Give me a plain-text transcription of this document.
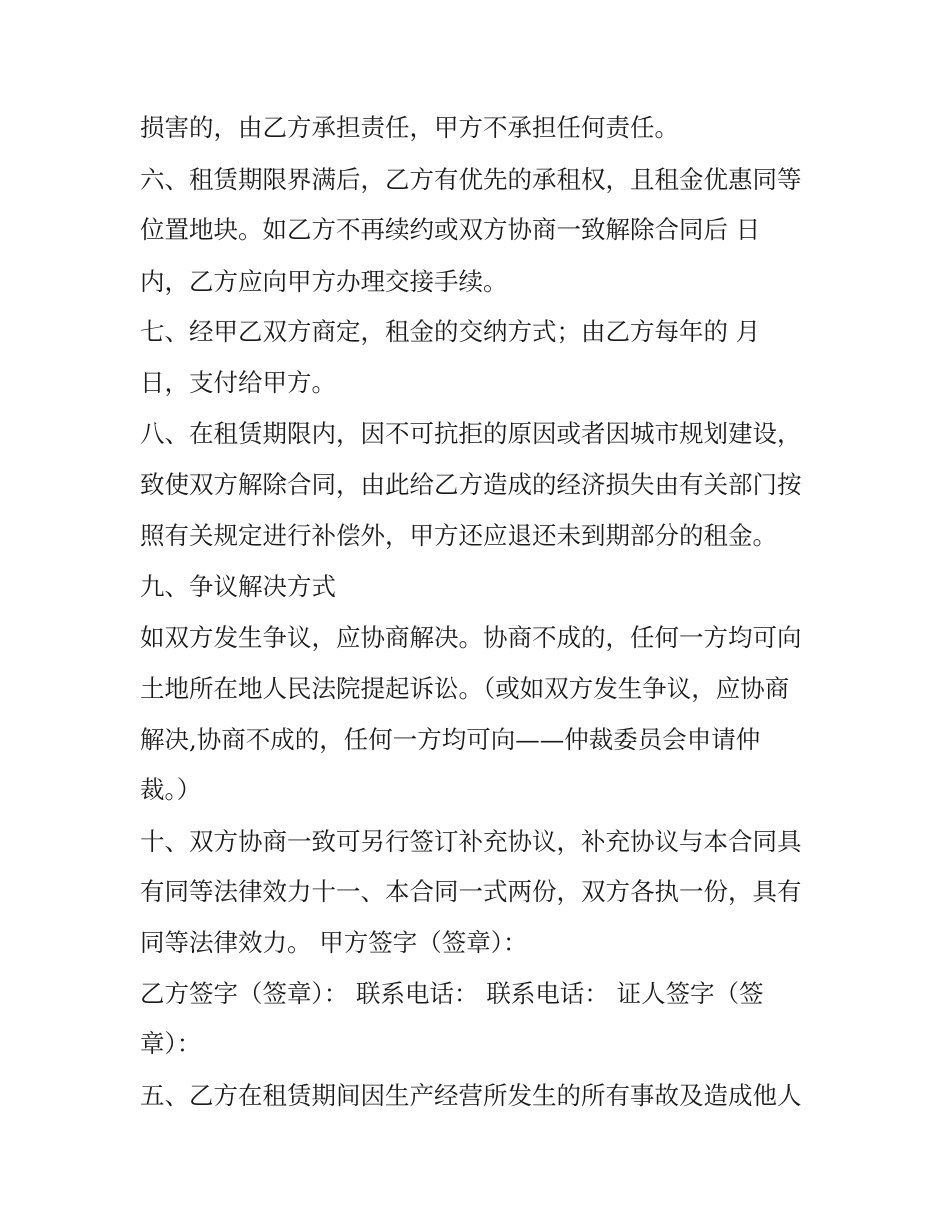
损害的，由乙方承担责任，甲方不承担任何责任。
六、租赁期限界满后，乙方有优先的承租权，且租金优惠同等
位置地块。如乙方不再续约或双方协商一致解除合同后 日
内，乙方应向甲方办理交接手续。
七、经甲乙双方商定，租金的交纳方式；由乙方每年的 月
日，支付给甲方。
八、在租赁期限内，因不可抗拒的原因或者因城市规划建设，
致使双方解除合同，由此给乙方造成的经济损失由有关部门按
照有关规定进行补偿外，甲方还应退还未到期部分的租金。
九、争议解决方式
如双方发生争议，应协商解决。协商不成的，任何一方均可向
土地所在地人民法院提起诉讼。（或如双方发生争议，应协商
解决,协商不成的，任何一方均可向——仲裁委员会申请仲
裁。）
十、双方协商一致可另行签订补充协议，补充协议与本合同具
有同等法律效力十一、本合同一式两份，双方各执一份，具有
同等法律效力。 甲方签字（签章）：
乙方签字（签章）： 联系电话： 联系电话： 证人签字（签
章）：
五、乙方在租赁期间因生产经营所发生的所有事故及造成他人
